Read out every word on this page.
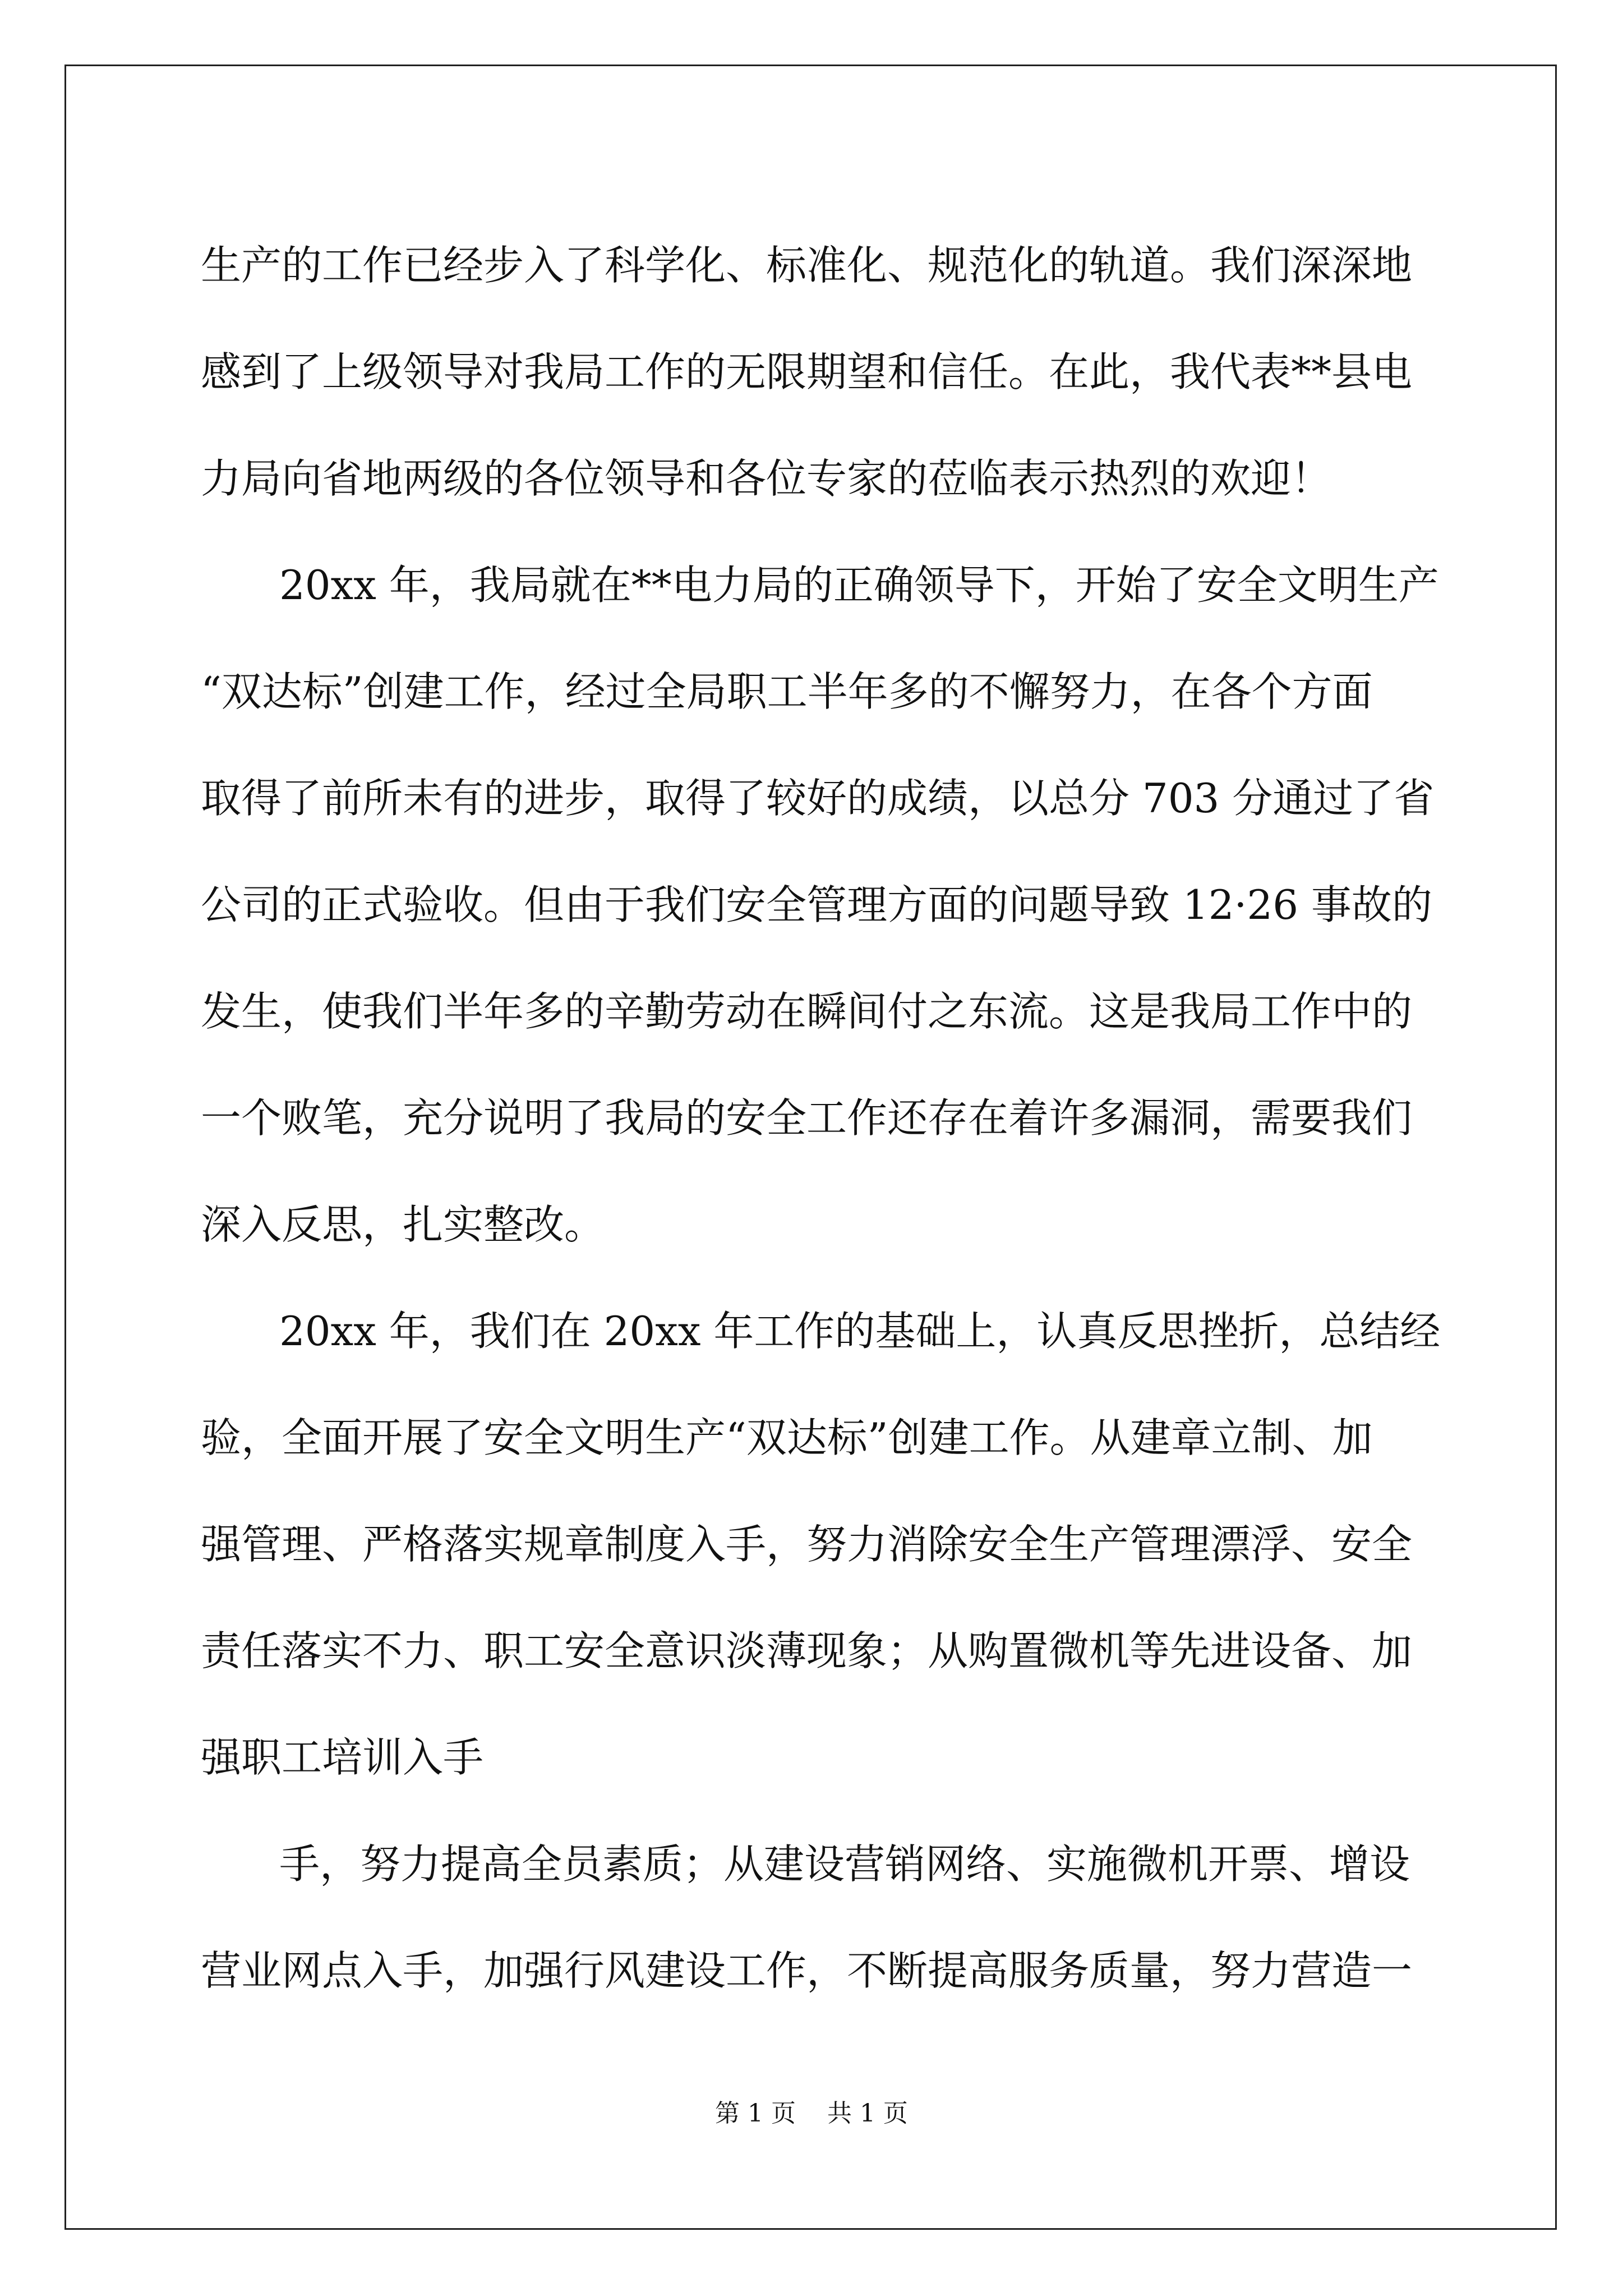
生产的工作已经步入了科学化、标准化、规范化的轨道。我们深深地
感到了上级领导对我局工作的无限期望和信任。在此，我代表**县电
力局向省地两级的各位领导和各位专家的莅临表示热烈的欢迎！
20xx 年，我局就在**电力局的正确领导下，开始了安全文明生产
“双达标”创建工作，经过全局职工半年多的不懈努力，在各个方面
取得了前所未有的进步，取得了较好的成绩，以总分 703 分通过了省
公司的正式验收。但由于我们安全管理方面的问题导致 12·26 事故的
发生，使我们半年多的辛勤劳动在瞬间付之东流。这是我局工作中的
一个败笔，充分说明了我局的安全工作还存在着许多漏洞，需要我们
深入反思，扎实整改。
20xx 年，我们在 20xx 年工作的基础上，认真反思挫折，总结经
验，全面开展了安全文明生产“双达标”创建工作。从建章立制、加
强管理、严格落实规章制度入手，努力消除安全生产管理漂浮、安全
责任落实不力、职工安全意识淡薄现象；从购置微机等先进设备、加
强职工培训入手
手，努力提高全员素质；从建设营销网络、实施微机开票、增设
营业网点入手，加强行风建设工作，不断提高服务质量，努力营造一
第 1 页    共 1 页
